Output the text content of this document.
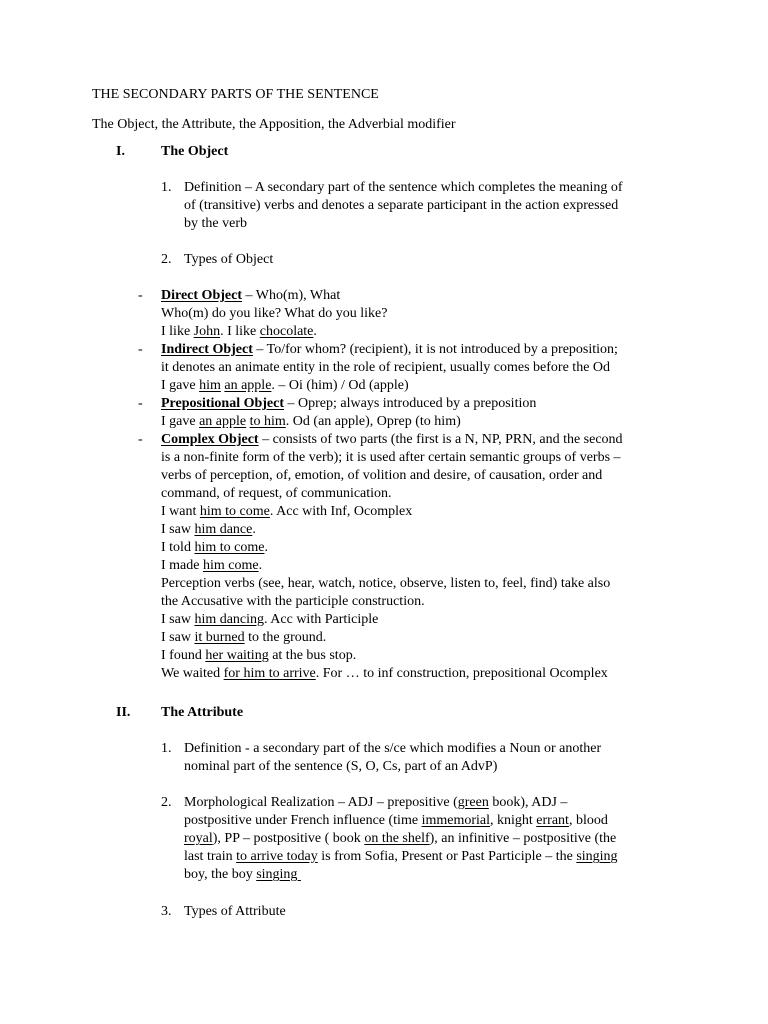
THE SECONDARY PARTS OF THE SENTENCE
The Object, the Attribute, the Apposition, the Adverbial modifier
I.	The Object
1. Definition – A secondary part of the sentence which completes the meaning of
of (transitive) verbs and denotes a separate participant in the action expressed
by the verb
2. Types of Object
- Direct Object – Who(m), What
Who(m) do you like? What do you like?
I like John. I like chocolate.
- Indirect Object – To/for whom? (recipient), it is not introduced by a preposition;
it denotes an animate entity in the role of recipient, usually comes before the Od
I gave him an apple. – Oi (him) / Od (apple)
- Prepositional Object – Oprep; always introduced by a preposition
I gave an apple to him. Od (an apple), Oprep (to him)
- Complex Object – consists of two parts (the first is a N, NP, PRN, and the second
is a non-finite form of the verb); it is used after certain semantic groups of verbs –
verbs of perception, of, emotion, of volition and desire, of causation, order and
command, of request, of communication.
I want him to come. Acc with Inf, Ocomplex
I saw him dance.
I told him to come.
I made him come.
Perception verbs (see, hear, watch, notice, observe, listen to, feel, find) take also
the Accusative with the participle construction.
I saw him dancing. Acc with Participle
I saw it burned to the ground.
I found her waiting at the bus stop.
We waited for him to arrive. For … to inf construction, prepositional Ocomplex
II. The Attribute
1. Definition - a secondary part of the s/ce which modifies a Noun or another
nominal part of the sentence (S, O, Cs, part of an AdvP)
2. Morphological Realization – ADJ – prepositive (green book), ADJ –
postpositive under French influence (time immemorial, knight errant, blood
royal), PP – postpositive ( book on the shelf), an infinitive – postpositive (the
last train to arrive today is from Sofia, Present or Past Participle – the singing
boy, the boy singing
3. Types of Attribute
